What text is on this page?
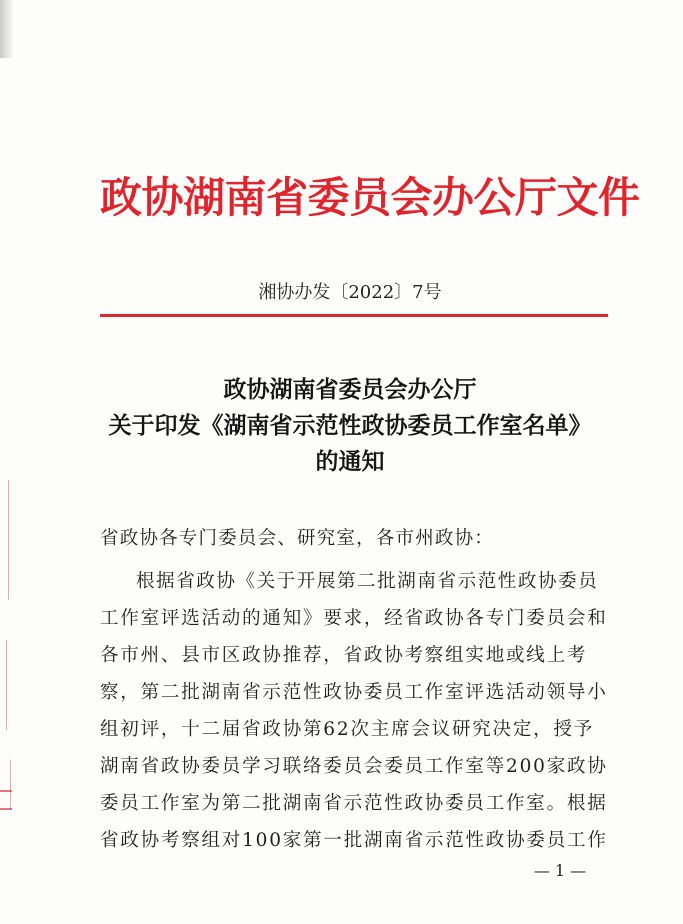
政协湖南省委员会办公厅文件
湘协办发〔2022〕7号
政协湖南省委员会办公厅
关于印发《湖南省示范性政协委员工作室名单》
的通知
省政协各专门委员会、研究室，各市州政协：
根据省政协《关于开展第二批湖南省示范性政协委员
工作室评选活动的通知》要求，经省政协各专门委员会和
各市州、县市区政协推荐，省政协考察组实地或线上考
察，第二批湖南省示范性政协委员工作室评选活动领导小
组初评，十二届省政协第62次主席会议研究决定，授予
湖南省政协委员学习联络委员会委员工作室等200家政协
委员工作室为第二批湖南省示范性政协委员工作室。根据
省政协考察组对100家第一批湖南省示范性政协委员工作
— 1 —
